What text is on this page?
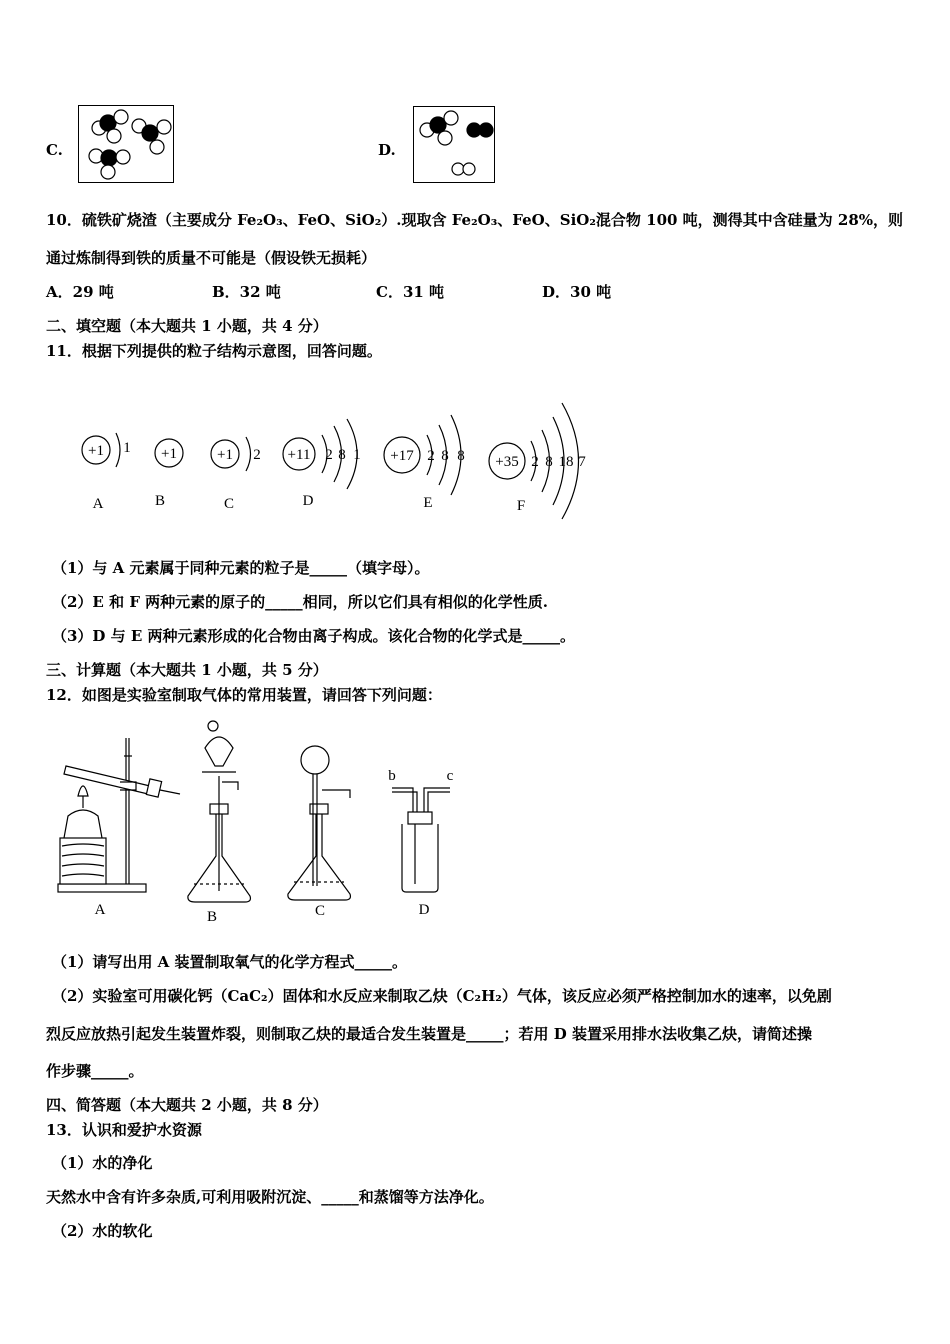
C.	D.
10．硫铁矿烧渣（主要成分 Fe₂O₃、FeO、SiO₂）.现取含 Fe₂O₃、FeO、SiO₂混合物 100 吨，测得其中含硅量为 28%，则
通过炼制得到铁的质量不可能是（假设铁无损耗）
A．29 吨	B．32 吨	C．31 吨	D．30 吨
二、填空题（本大题共 1 小题，共 4 分）
11．根据下列提供的粒子结构示意图，回答问题。
+1 1 +1	+1 2 +11 2 8 1 +17 2 8 8 +35 2 8 18 7
A	B	C	D	E	F
（1）与 A 元素属于同种元素的粒子是_____（填字母）。
（2）E 和 F 两种元素的原子的_____相同，所以它们具有相似的化学性质.
（3）D 与 E 两种元素形成的化合物由离子构成。该化合物的化学式是_____。
三、计算题（本大题共 1 小题，共 5 分）
12．如图是实验室制取气体的常用装置，请回答下列问题：
A	B	C	D
b	c
（1）请写出用 A 装置制取氧气的化学方程式_____。
（2）实验室可用碳化钙（CaC₂）固体和水反应来制取乙炔（C₂H₂）气体，该反应必须严格控制加水的速率，以免剧
烈反应放热引起发生装置炸裂，则制取乙炔的最适合发生装置是_____；若用 D 装置采用排水法收集乙炔，请简述操
作步骤_____。
四、简答题（本大题共 2 小题，共 8 分）
13．认识和爱护水资源
（1）水的净化
天然水中含有许多杂质,可利用吸附沉淀、_____和蒸馏等方法净化。
（2）水的软化
